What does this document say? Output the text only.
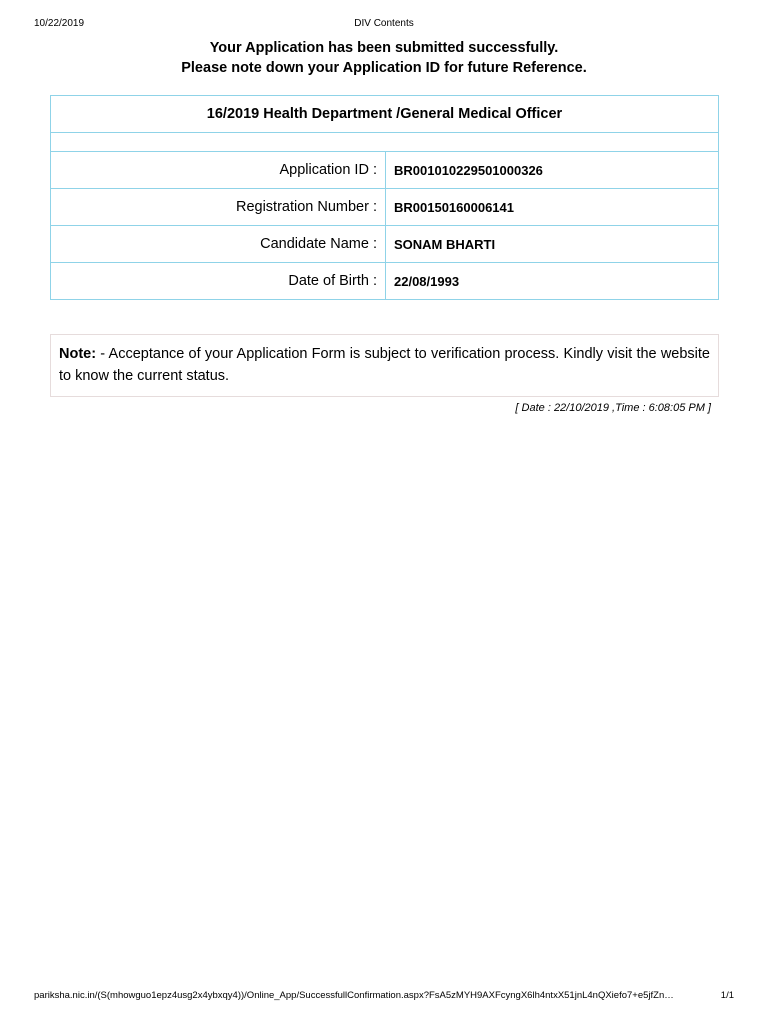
10/22/2019	DIV Contents
Your Application has been submitted successfully.
Please note down your Application ID for future Reference.
16/2019 Health Department /General Medical Officer	

Application ID :	BR001010229501000326
Registration Number :	BR00150160006141
Candidate Name :	SONAM BHARTI
Date of Birth :	22/08/1993
Note: - Acceptance of your Application Form is subject to verification process. Kindly visit the website to know the current status.
[ Date : 22/10/2019 ,Time : 6:08:05 PM ]
pariksha.nic.in/(S(mhowguo1epz4usg2x4ybxqy4))/Online_App/SuccessfullConfirmation.aspx?FsA5zMYH9AXFcyngX6lh4ntxX51jnL4nQXiefo7+e5jfZn…	1/1
